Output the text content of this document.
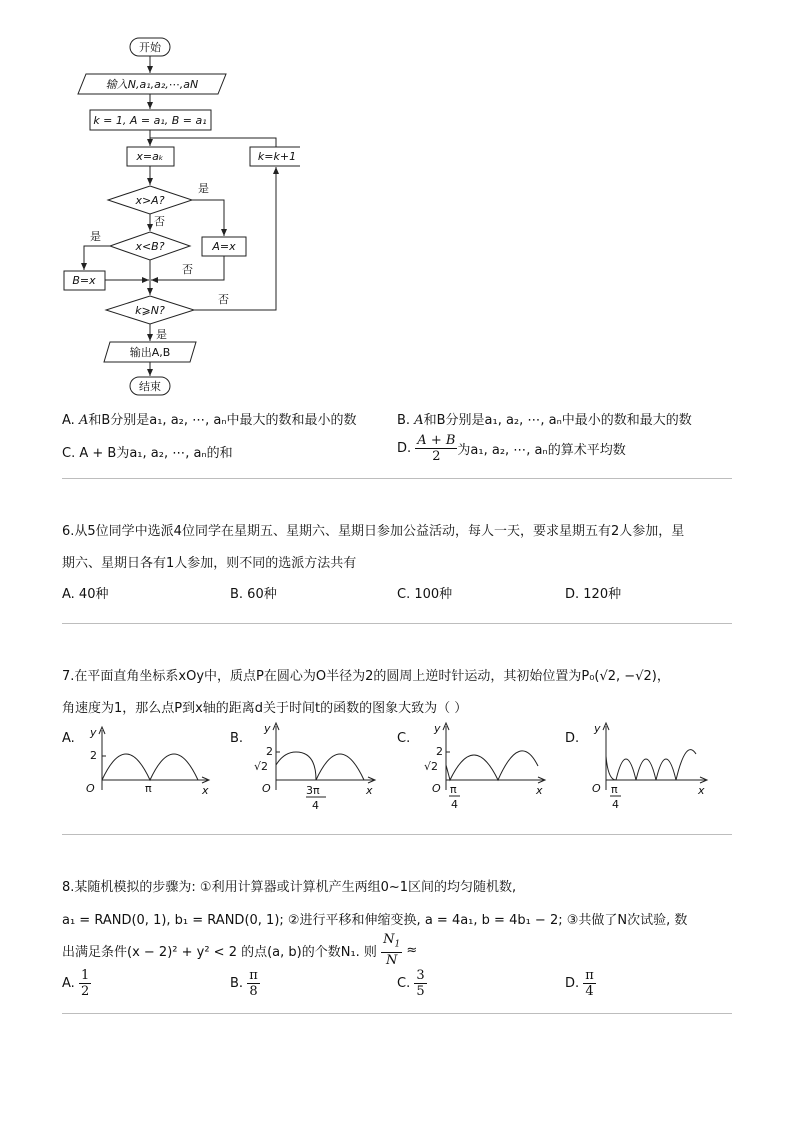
开始
输入N,a₁,a₂,⋯,aN
k = 1, A = a₁, B = a₁
x=aₖ	k=k+1
x>A?
x<B?	A=x
B=x
k⩾N?
输出A,B
结束
是
否
是
否
否
是
A. A和B分别是a₁, a₂, ⋯, aₙ中最大的数和最小的数	B. A和B分别是a₁, a₂, ⋯, aₙ中最小的数和最大的数
C. A + B为a₁, a₂, ⋯, aₙ的和	D.
$\frac{A + B}{2}$ 为a₁, a₂, ⋯, aₙ的算术平均数
6.从5位同学中选派4位同学在星期五、星期六、星期日参加公益活动，每人一天，要求星期五有2人参加，星
期六、星期日各有1人参加，则不同的选派方法共有
A. 40种	B. 60种	C. 100种	D. 120种
7.在平面直角坐标系xOy中，质点P在圆心为O半径为2的圆周上逆时针运动，其初始位置为P₀(√2, −√2)，
角速度为1，那么点P到x轴的距离d关于时间t的函数的图象大致为（ ）
A.	B.	C.	D.
y
2
O	π	x
y
2
√2
O	3π
4
x
y
2
√2
O π
4
x
y
O π
4
x
8.某随机模拟的步骤为: ①利用计算器或计算机产生两组0~1区间的均匀随机数,
a₁ = RAND(0, 1), b₁ = RAND(0, 1); ②进行平移和伸缩变换, a = 4a₁, b = 4b₁ − 2; ③共做了N次试验, 数
出满足条件(x − 2)² + y² < 2 的点(a, b)的个数N₁. 则
$\frac{N_1}{N}$
≈
A.
$\frac{1}{2}$	B.
$\frac{\pi}{8}$	C.
$\frac{3}{5}$	D.
$\frac{\pi}{4}$
